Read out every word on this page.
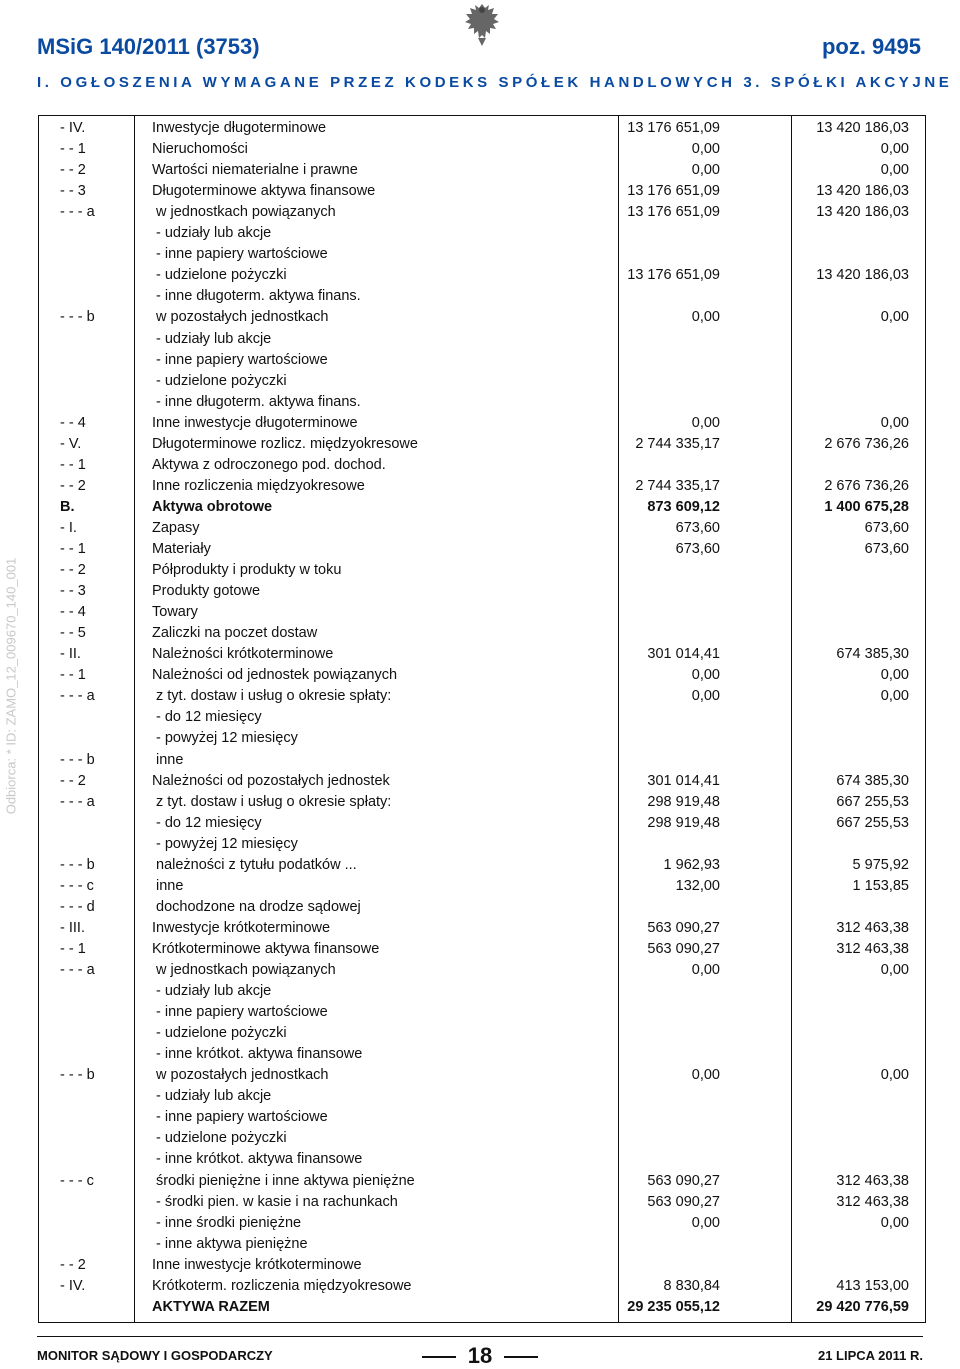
MSiG 140/2011 (3753)	poz. 9495
I. OGŁOSZENIA WYMAGANE PRZEZ KODEKS SPÓŁEK HANDLOWYCH 3. SPÓŁKI AKCYJNE
Odbiorca: * ID: ZAMO_12_009670_140_001
- IV.	Inwestycje długoterminowe	13 176 651,09	13 420 186,03
- - 1	Nieruchomości	0,00	0,00
- - 2	Wartości niematerialne i prawne	0,00	0,00
- - 3	Długoterminowe aktywa finansowe	13 176 651,09	13 420 186,03
- - - a	w jednostkach powiązanych	13 176 651,09	13 420 186,03
- udziały lub akcje
- inne papiery wartościowe
- udzielone pożyczki	13 176 651,09	13 420 186,03
- inne długoterm. aktywa finans.
- - - b	w pozostałych jednostkach	0,00	0,00
- udziały lub akcje
- inne papiery wartościowe
- udzielone pożyczki
- inne długoterm. aktywa finans.
- - 4	Inne inwestycje długoterminowe	0,00	0,00
- V.	Długoterminowe rozlicz. międzyokresowe	2 744 335,17	2 676 736,26
- - 1	Aktywa z odroczonego pod. dochod.
- - 2	Inne rozliczenia międzyokresowe	2 744 335,17	2 676 736,26
B.	Aktywa obrotowe	873 609,12	1 400 675,28
- I.	Zapasy	673,60	673,60
- - 1	Materiały	673,60	673,60
- - 2	Półprodukty i produkty w toku
- - 3	Produkty gotowe
- - 4	Towary
- - 5	Zaliczki na poczet dostaw
- II.	Należności krótkoterminowe	301 014,41	674 385,30
- - 1	Należności od jednostek powiązanych	0,00	0,00
- - - a	z tyt. dostaw i usług o okresie spłaty:	0,00	0,00
- do 12 miesięcy
- powyżej 12 miesięcy
- - - b	inne
- - 2	Należności od pozostałych jednostek	301 014,41	674 385,30
- - - a	z tyt. dostaw i usług o okresie spłaty:	298 919,48	667 255,53
- do 12 miesięcy	298 919,48	667 255,53
- powyżej 12 miesięcy
- - - b	należności z tytułu podatków ...	1 962,93	5 975,92
- - - c	inne	132,00	1 153,85
- - - d	dochodzone na drodze sądowej
- III.	Inwestycje krótkoterminowe	563 090,27	312 463,38
- - 1	Krótkoterminowe aktywa finansowe	563 090,27	312 463,38
- - - a	w jednostkach powiązanych	0,00	0,00
- udziały lub akcje
- inne papiery wartościowe
- udzielone pożyczki
- inne krótkot. aktywa finansowe
- - - b	w pozostałych jednostkach	0,00	0,00
- udziały lub akcje
- inne papiery wartościowe
- udzielone pożyczki
- inne krótkot. aktywa finansowe
- - - c	środki pieniężne i inne aktywa pieniężne	563 090,27	312 463,38
- środki pien. w kasie i na rachunkach	563 090,27	312 463,38
- inne środki pieniężne	0,00	0,00
- inne aktywa pieniężne
- - 2	Inne inwestycje krótkoterminowe
- IV.	Krótkoterm. rozliczenia międzyokresowe	8 830,84	413 153,00
AKTYWA RAZEM	29 235 055,12	29 420 776,59
MONITOR SĄDOWY I GOSPODARCZY	18	21 LIPCA 2011 R.
